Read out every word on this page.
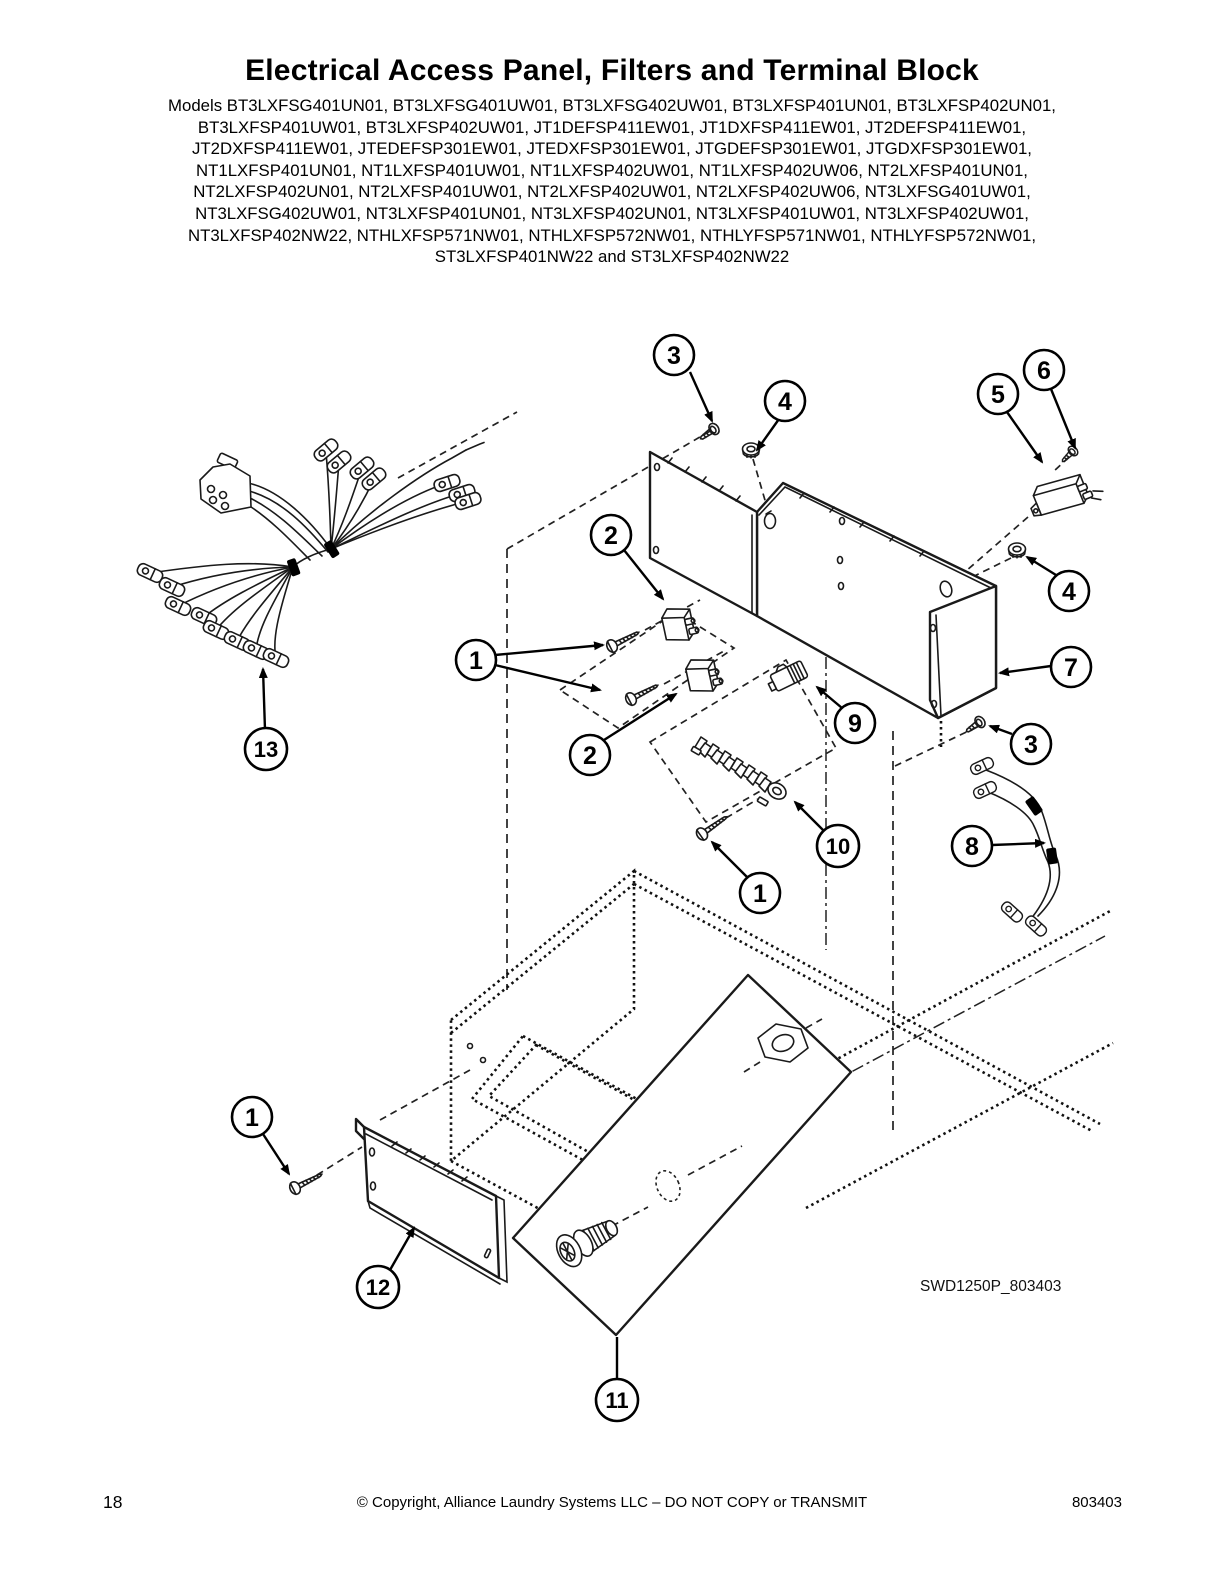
Electrical Access Panel, Filters and Terminal Block
Models BT3LXFSG401UN01, BT3LXFSG401UW01, BT3LXFSG402UW01, BT3LXFSP401UN01, BT3LXFSP402UN01,
BT3LXFSP401UW01, BT3LXFSP402UW01, JT1DEFSP411EW01, JT1DXFSP411EW01, JT2DEFSP411EW01,
JT2DXFSP411EW01, JTEDEFSP301EW01, JTEDXFSP301EW01, JTGDEFSP301EW01, JTGDXFSP301EW01,
NT1LXFSP401UN01, NT1LXFSP401UW01, NT1LXFSP402UW01, NT1LXFSP402UW06, NT2LXFSP401UN01,
NT2LXFSP402UN01, NT2LXFSP401UW01, NT2LXFSP402UW01, NT2LXFSP402UW06, NT3LXFSG401UW01,
NT3LXFSG402UW01, NT3LXFSP401UN01, NT3LXFSP402UN01, NT3LXFSP401UW01, NT3LXFSP402UW01,
NT3LXFSP402NW22, NTHLXFSP571NW01, NTHLXFSP572NW01, NTHLYFSP571NW01, NTHLYFSP572NW01,
ST3LXFSP401NW22 and ST3LXFSP402NW22
3
4	5
6
2
1
4
7
9
2	3
10	8
1
13
1
12
11
SWD1250P_803403
18	© Copyright, Alliance Laundry Systems LLC – DO NOT COPY or TRANSMIT	803403
